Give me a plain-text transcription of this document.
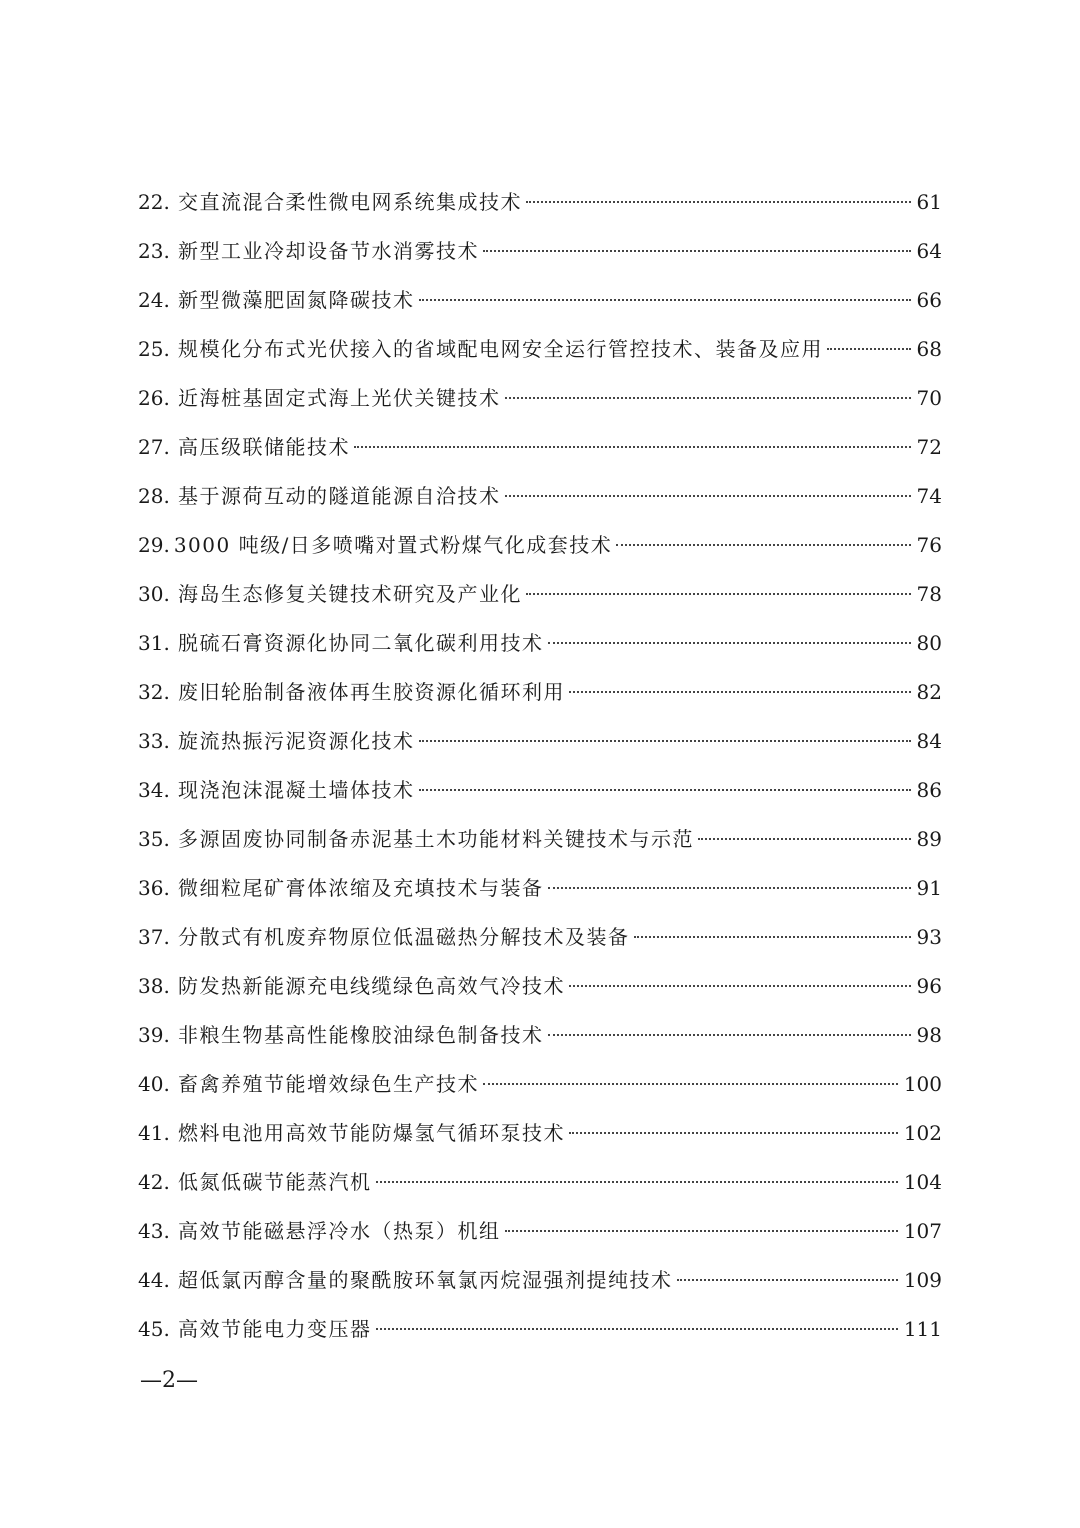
22. 交直流混合柔性微电网系统集成技术	61
23. 新型工业冷却设备节水消雾技术	64
24. 新型微藻肥固氮降碳技术	66
25. 规模化分布式光伏接入的省域配电网安全运行管控技术、装备及应用	68
26. 近海桩基固定式海上光伏关键技术	70
27. 高压级联储能技术	72
28. 基于源荷互动的隧道能源自洽技术	74
29. 3000 吨级/日多喷嘴对置式粉煤气化成套技术	76
30. 海岛生态修复关键技术研究及产业化	78
31. 脱硫石膏资源化协同二氧化碳利用技术	80
32. 废旧轮胎制备液体再生胶资源化循环利用	82
33. 旋流热振污泥资源化技术	84
34. 现浇泡沫混凝土墙体技术	86
35. 多源固废协同制备赤泥基土木功能材料关键技术与示范	89
36. 微细粒尾矿膏体浓缩及充填技术与装备	91
37. 分散式有机废弃物原位低温磁热分解技术及装备	93
38. 防发热新能源充电线缆绿色高效气冷技术	96
39. 非粮生物基高性能橡胶油绿色制备技术	98
40. 畜禽养殖节能增效绿色生产技术	100
41. 燃料电池用高效节能防爆氢气循环泵技术	102
42. 低氮低碳节能蒸汽机	104
43. 高效节能磁悬浮冷水（热泵）机组	107
44. 超低氯丙醇含量的聚酰胺环氧氯丙烷湿强剂提纯技术	109
45. 高效节能电力变压器	111
—2—
